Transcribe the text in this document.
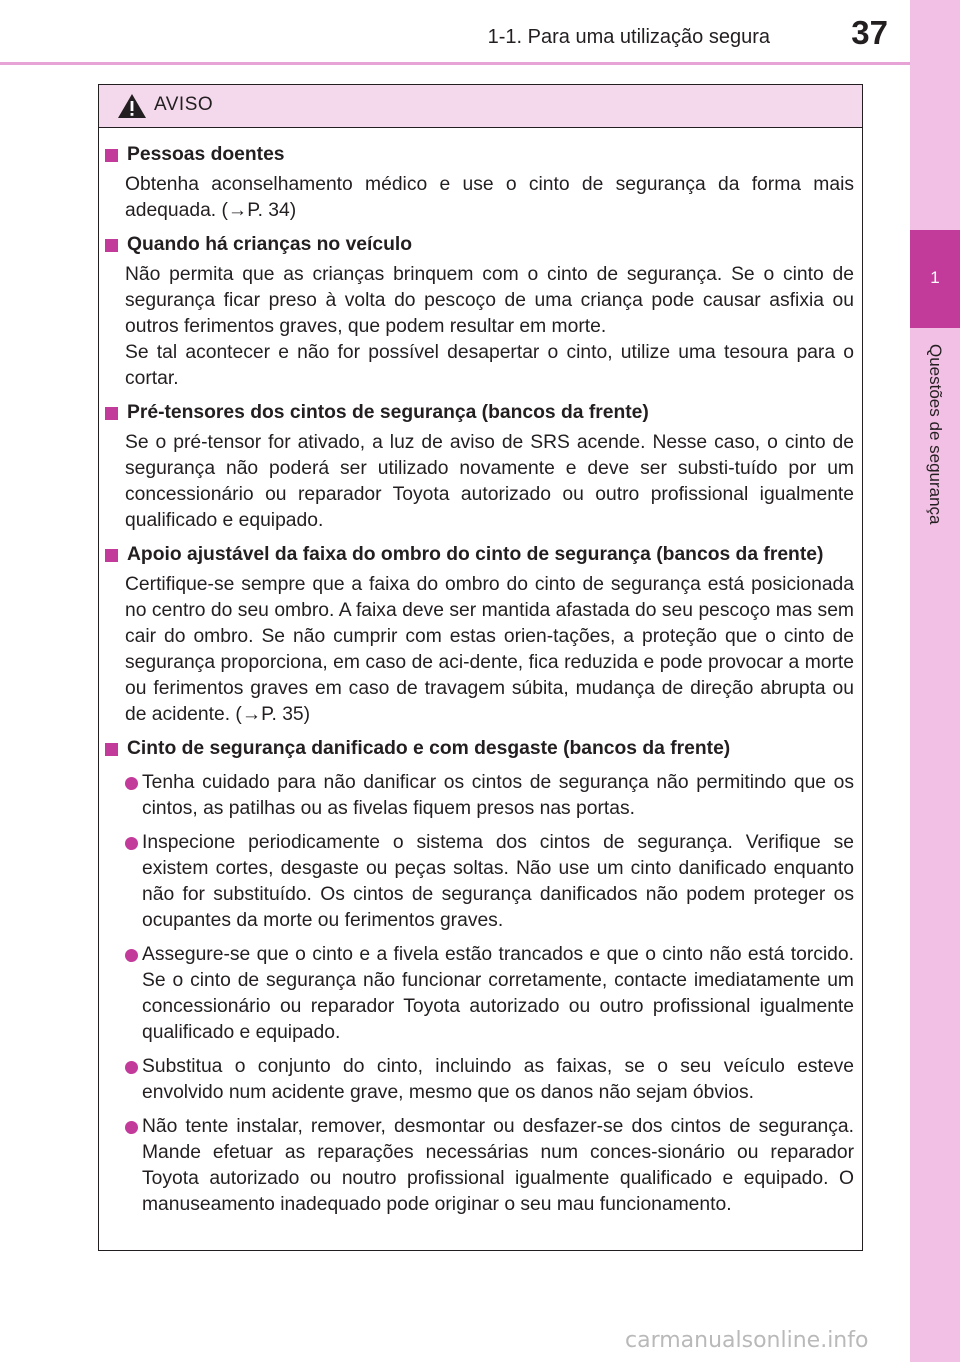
1-1. Para uma utilização segura	37
1
Questões de segurança
AVISO
Pessoas doentes
Obtenha aconselhamento médico e use o cinto de segurança da forma mais adequada. (→P. 34)
Quando há crianças no veículo
Não permita que as crianças brinquem com o cinto de segurança. Se o cinto de segurança ficar preso à volta do pescoço de uma criança pode causar asfixia ou outros ferimentos graves, que podem resultar em morte.
Se tal acontecer e não for possível desapertar o cinto, utilize uma tesoura para o cortar.
Pré-tensores dos cintos de segurança (bancos da frente)
Se o pré-tensor for ativado, a luz de aviso de SRS acende. Nesse caso, o cinto de segurança não poderá ser utilizado novamente e deve ser substi-tuído por um concessionário ou reparador Toyota autorizado ou outro profissional igualmente qualificado e equipado.
Apoio ajustável da faixa do ombro do cinto de segurança (bancos da frente)
Certifique-se sempre que a faixa do ombro do cinto de segurança está posicionada no centro do seu ombro. A faixa deve ser mantida afastada do seu pescoço mas sem cair do ombro. Se não cumprir com estas orien-tações, a proteção que o cinto de segurança proporciona, em caso de aci-dente, fica reduzida e pode provocar a morte ou ferimentos graves em caso de travagem súbita, mudança de direção abrupta ou de acidente. (→P. 35)
Cinto de segurança danificado e com desgaste (bancos da frente)
Tenha cuidado para não danificar os cintos de segurança não permitindo que os cintos, as patilhas ou as fivelas fiquem presos nas portas.
Inspecione periodicamente o sistema dos cintos de segurança. Verifique se existem cortes, desgaste ou peças soltas. Não use um cinto danificado enquanto não for substituído. Os cintos de segurança danificados não podem proteger os ocupantes da morte ou ferimentos graves.
Assegure-se que o cinto e a fivela estão trancados e que o cinto não está torcido. Se o cinto de segurança não funcionar corretamente, contacte imediatamente um concessionário ou reparador Toyota autorizado ou outro profissional igualmente qualificado e equipado.
Substitua o conjunto do cinto, incluindo as faixas, se o seu veículo esteve envolvido num acidente grave, mesmo que os danos não sejam óbvios.
Não tente instalar, remover, desmontar ou desfazer-se dos cintos de segurança. Mande efetuar as reparações necessárias num conces-sionário ou reparador Toyota autorizado ou noutro profissional igualmente qualificado e equipado. O manuseamento inadequado pode originar o seu mau funcionamento.
carmanualsonline.info
